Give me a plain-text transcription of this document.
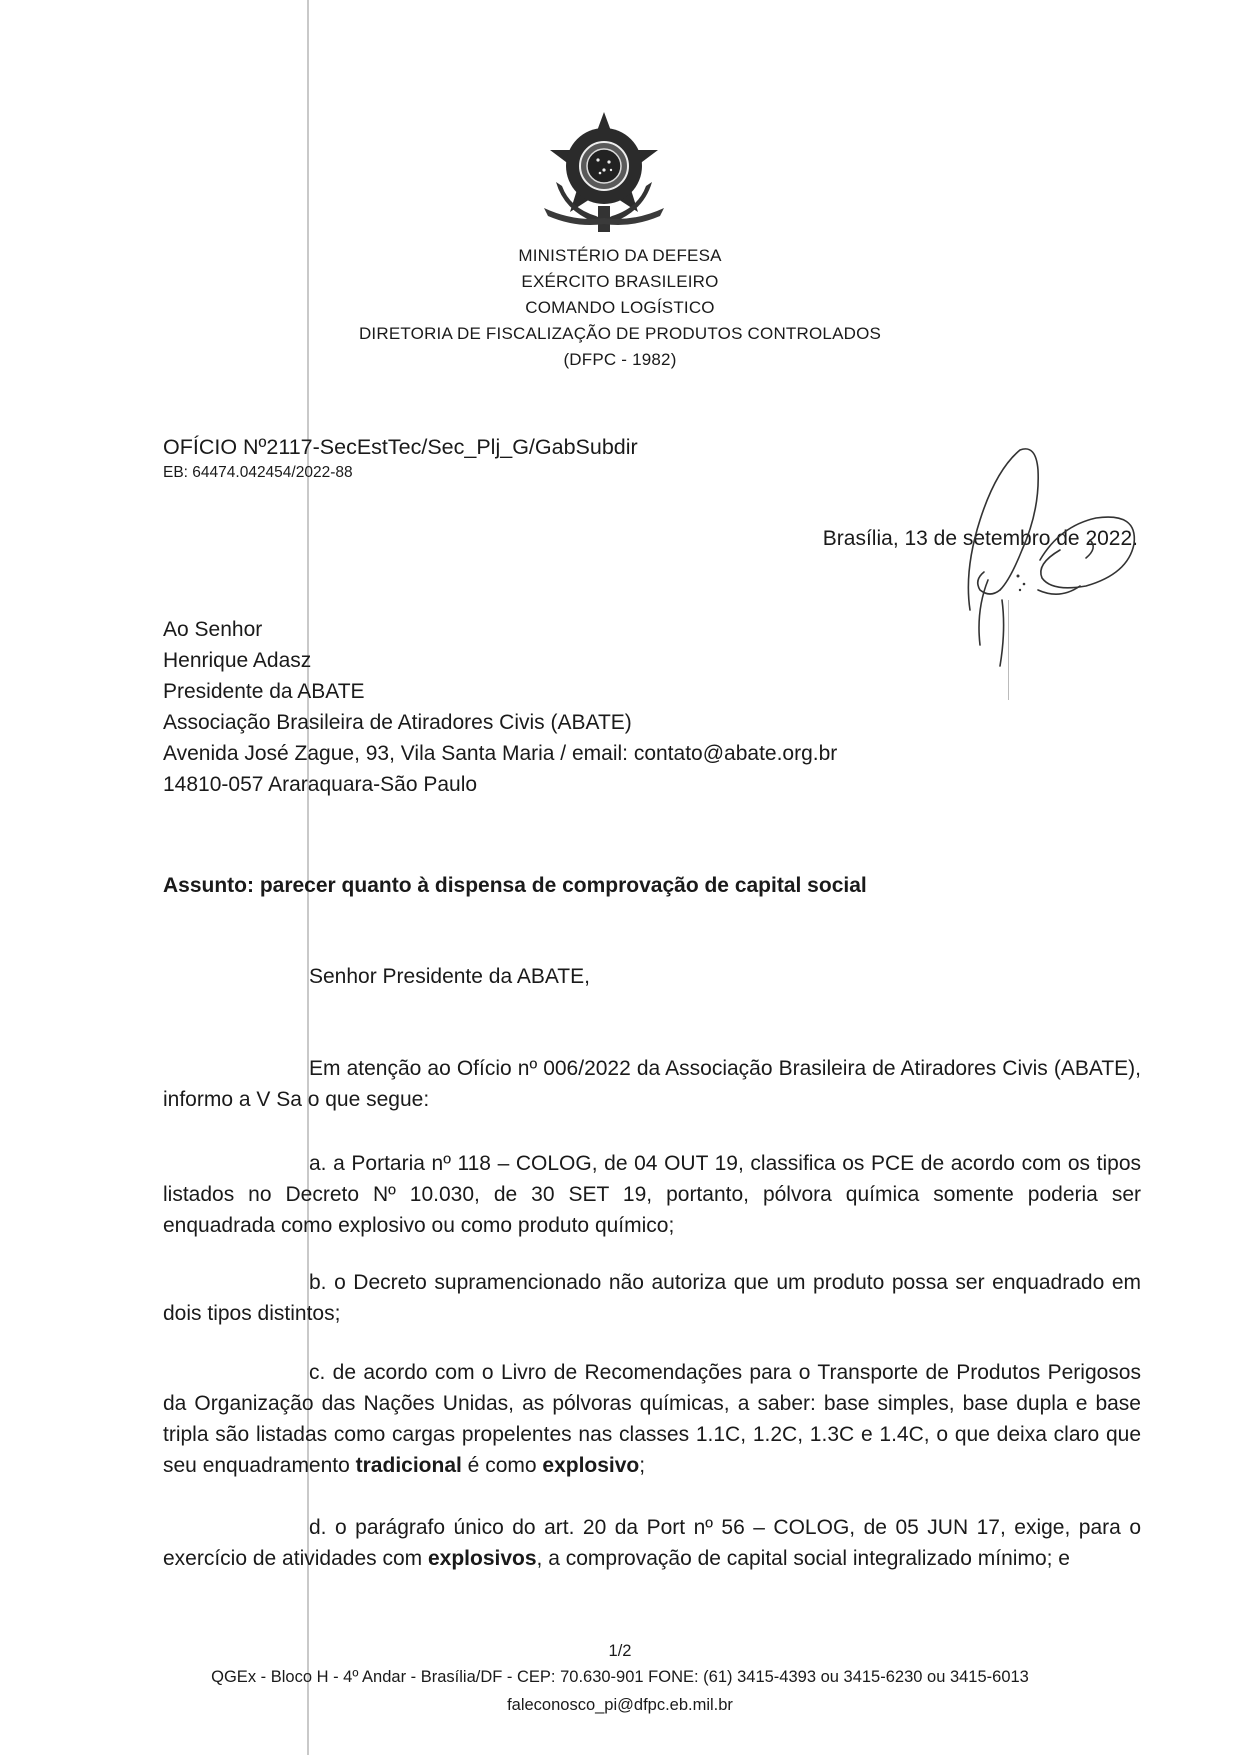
MINISTÉRIO DA DEFESA
EXÉRCITO BRASILEIRO
COMANDO LOGÍSTICO
DIRETORIA DE FISCALIZAÇÃO DE PRODUTOS CONTROLADOS
(DFPC - 1982)
OFÍCIO Nº2117-SecEstTec/Sec_Plj_G/GabSubdir
EB: 64474.042454/2022-88
Brasília, 13 de setembro de 2022.
Ao Senhor
Henrique Adasz
Presidente da ABATE
Associação Brasileira de Atiradores Civis (ABATE)
Avenida José Zague, 93, Vila Santa Maria / email: contato@abate.org.br
14810-057 Araraquara-São Paulo
Assunto: parecer quanto à dispensa de comprovação de capital social
Senhor Presidente da ABATE,

Em atenção ao Ofício nº 006/2022 da Associação Brasileira de Atiradores Civis (ABATE), informo a V Sa o que segue:

a. a Portaria nº 118 – COLOG, de 04 OUT 19, classifica os PCE de acordo com os tipos listados no Decreto Nº 10.030, de 30 SET 19, portanto, pólvora química somente poderia ser enquadrada como explosivo ou como produto químico;

b. o Decreto supramencionado não autoriza que um produto possa ser enquadrado em dois tipos distintos;

c. de acordo com o Livro de Recomendações para o Transporte de Produtos Perigosos da Organização das Nações Unidas, as pólvoras químicas, a saber: base simples, base dupla e base tripla são listadas como cargas propelentes nas classes 1.1C, 1.2C, 1.3C e 1.4C, o que deixa claro que seu enquadramento tradicional é como explosivo;

d. o parágrafo único do art. 20 da Port nº 56 – COLOG, de 05 JUN 17, exige, para o exercício de atividades com explosivos, a comprovação de capital social integralizado mínimo; e

1/2
QGEx - Bloco H - 4º Andar - Brasília/DF - CEP: 70.630-901 FONE: (61) 3415-4393 ou 3415-6230 ou 3415-6013
faleconosco_pi@dfpc.eb.mil.br
